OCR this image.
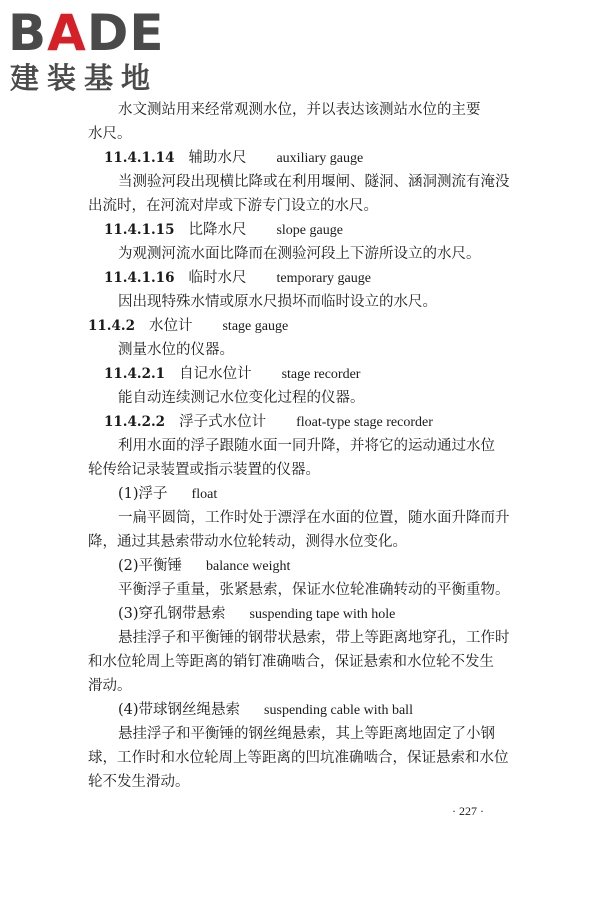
BADE
建装基地
水文测站用来经常观测水位，并以表达该测站水位的主要
水尺。
11.4.1.14 辅助水尺 auxiliary gauge
当测验河段出现横比降或在利用堰闸、隧洞、涵洞测流有淹没
出流时，在河流对岸或下游专门设立的水尺。
11.4.1.15 比降水尺 slope gauge
为观测河流水面比降而在测验河段上下游所设立的水尺。
11.4.1.16 临时水尺 temporary gauge
因出现特殊水情或原水尺损坏而临时设立的水尺。
11.4.2 水位计 stage gauge
测量水位的仪器。
11.4.2.1 自记水位计 stage recorder
能自动连续测记水位变化过程的仪器。
11.4.2.2 浮子式水位计 float-type stage recorder
利用水面的浮子跟随水面一同升降，并将它的运动通过水位
轮传给记录装置或指示装置的仪器。
(1)浮子 float
一扁平圆筒，工作时处于漂浮在水面的位置，随水面升降而升
降，通过其悬索带动水位轮转动，测得水位变化。
(2)平衡锤 balance weight
平衡浮子重量，张紧悬索，保证水位轮准确转动的平衡重物。
(3)穿孔钢带悬索 suspending tape with hole
悬挂浮子和平衡锤的钢带状悬索，带上等距离地穿孔，工作时
和水位轮周上等距离的销钉准确啮合，保证悬索和水位轮不发生
滑动。
(4)带球钢丝绳悬索 suspending cable with ball
悬挂浮子和平衡锤的钢丝绳悬索，其上等距离地固定了小钢
球，工作时和水位轮周上等距离的凹坑准确啮合，保证悬索和水位
轮不发生滑动。
· 227 ·
